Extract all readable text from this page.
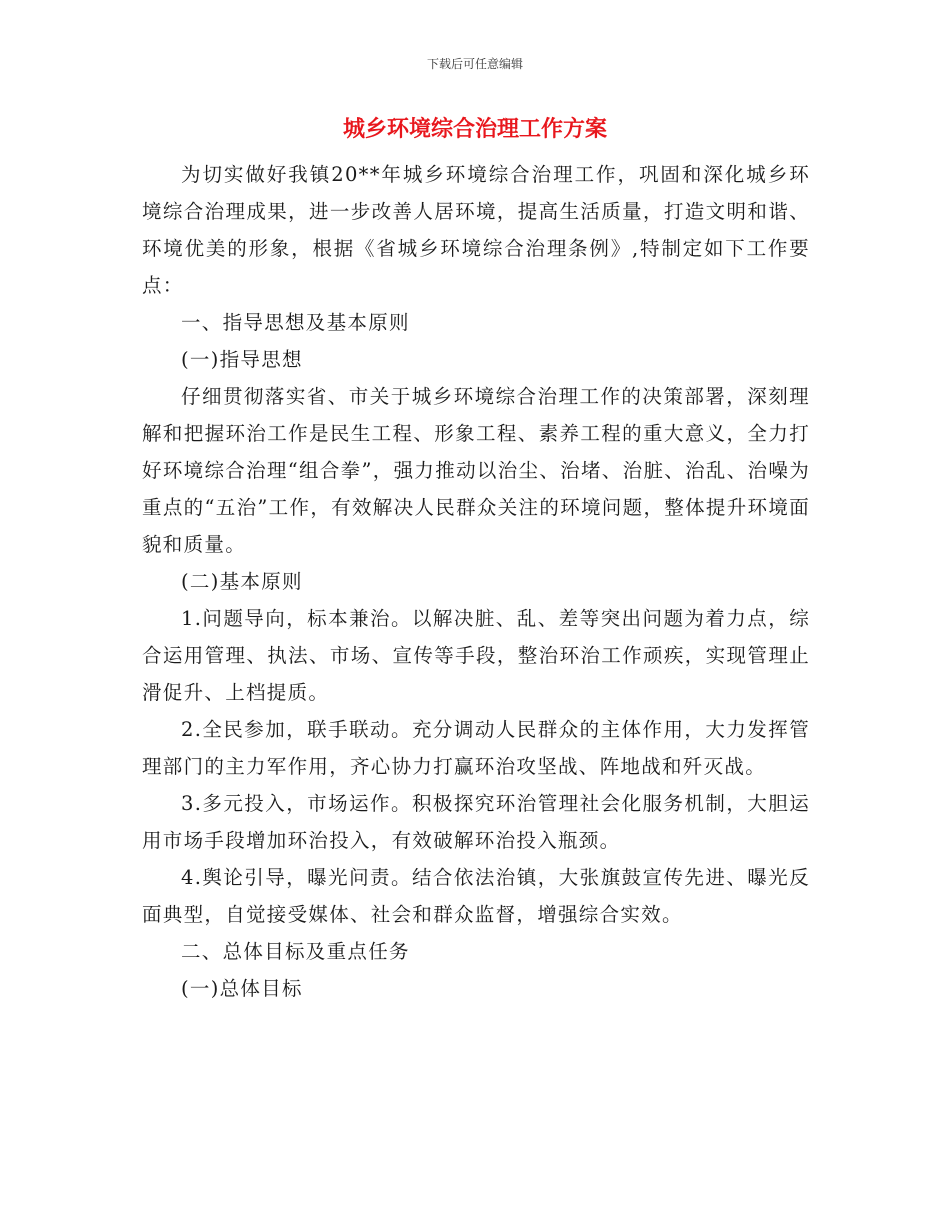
下载后可任意编辑
城乡环境综合治理工作方案

为切实做好我镇20**年城乡环境综合治理工作，巩固和深化城乡环境综合治理成果，进一步改善人居环境，提高生活质量，打造文明和谐、环境优美的形象，根据《省城乡环境综合治理条例》,特制定如下工作要点：

一、指导思想及基本原则

(一)指导思想

仔细贯彻落实省、市关于城乡环境综合治理工作的决策部署，深刻理解和把握环治工作是民生工程、形象工程、素养工程的重大意义，全力打好环境综合治理“组合拳”，强力推动以治尘、治堵、治脏、治乱、治噪为重点的“五治”工作，有效解决人民群众关注的环境问题，整体提升环境面貌和质量。

(二)基本原则

1.问题导向，标本兼治。以解决脏、乱、差等突出问题为着力点，综合运用管理、执法、市场、宣传等手段，整治环治工作顽疾，实现管理止滑促升、上档提质。

2.全民参加，联手联动。充分调动人民群众的主体作用，大力发挥管理部门的主力军作用，齐心协力打赢环治攻坚战、阵地战和歼灭战。

3.多元投入，市场运作。积极探究环治管理社会化服务机制，大胆运用市场手段增加环治投入，有效破解环治投入瓶颈。

4.舆论引导，曝光问责。结合依法治镇，大张旗鼓宣传先进、曝光反面典型，自觉接受媒体、社会和群众监督，增强综合实效。

二、总体目标及重点任务

(一)总体目标
